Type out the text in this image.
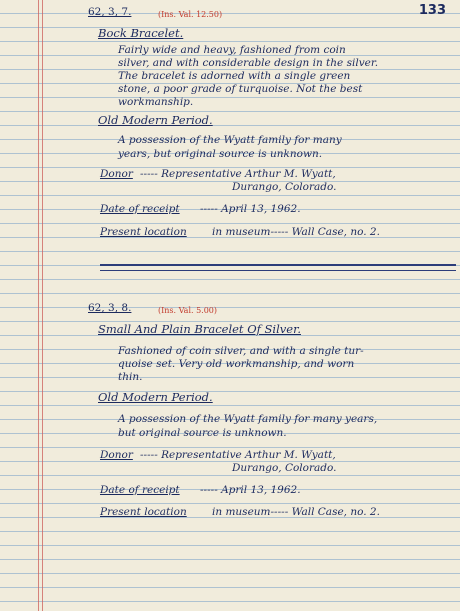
133
62, 3, 7.	(Ins. Val. 12.50)
Bock Bracelet.
Fairly wide and heavy, fashioned from coin
silver, and with considerable design in the silver.
The bracelet is adorned with a single green
stone, a poor grade of turquoise. Not the best
workmanship.
Old Modern Period.
A possession of the Wyatt family for many
years, but original source is unknown.
Donor ----- Representative Arthur M. Wyatt,
Durango, Colorado.
Date of receipt ----- April 13, 1962.
Present location in museum----- Wall Case, no. 2.
62, 3, 8.	(Ins. Val. 5.00)
Small And Plain Bracelet Of Silver.
Fashioned of coin silver, and with a single tur-
quoise set. Very old workmanship, and worn
thin.
Old Modern Period.
A possession of the Wyatt family for many years,
but original source is unknown.
Donor ----- Representative Arthur M. Wyatt,
Durango, Colorado.
Date of receipt ----- April 13, 1962.
Present location in museum----- Wall Case, no. 2.
